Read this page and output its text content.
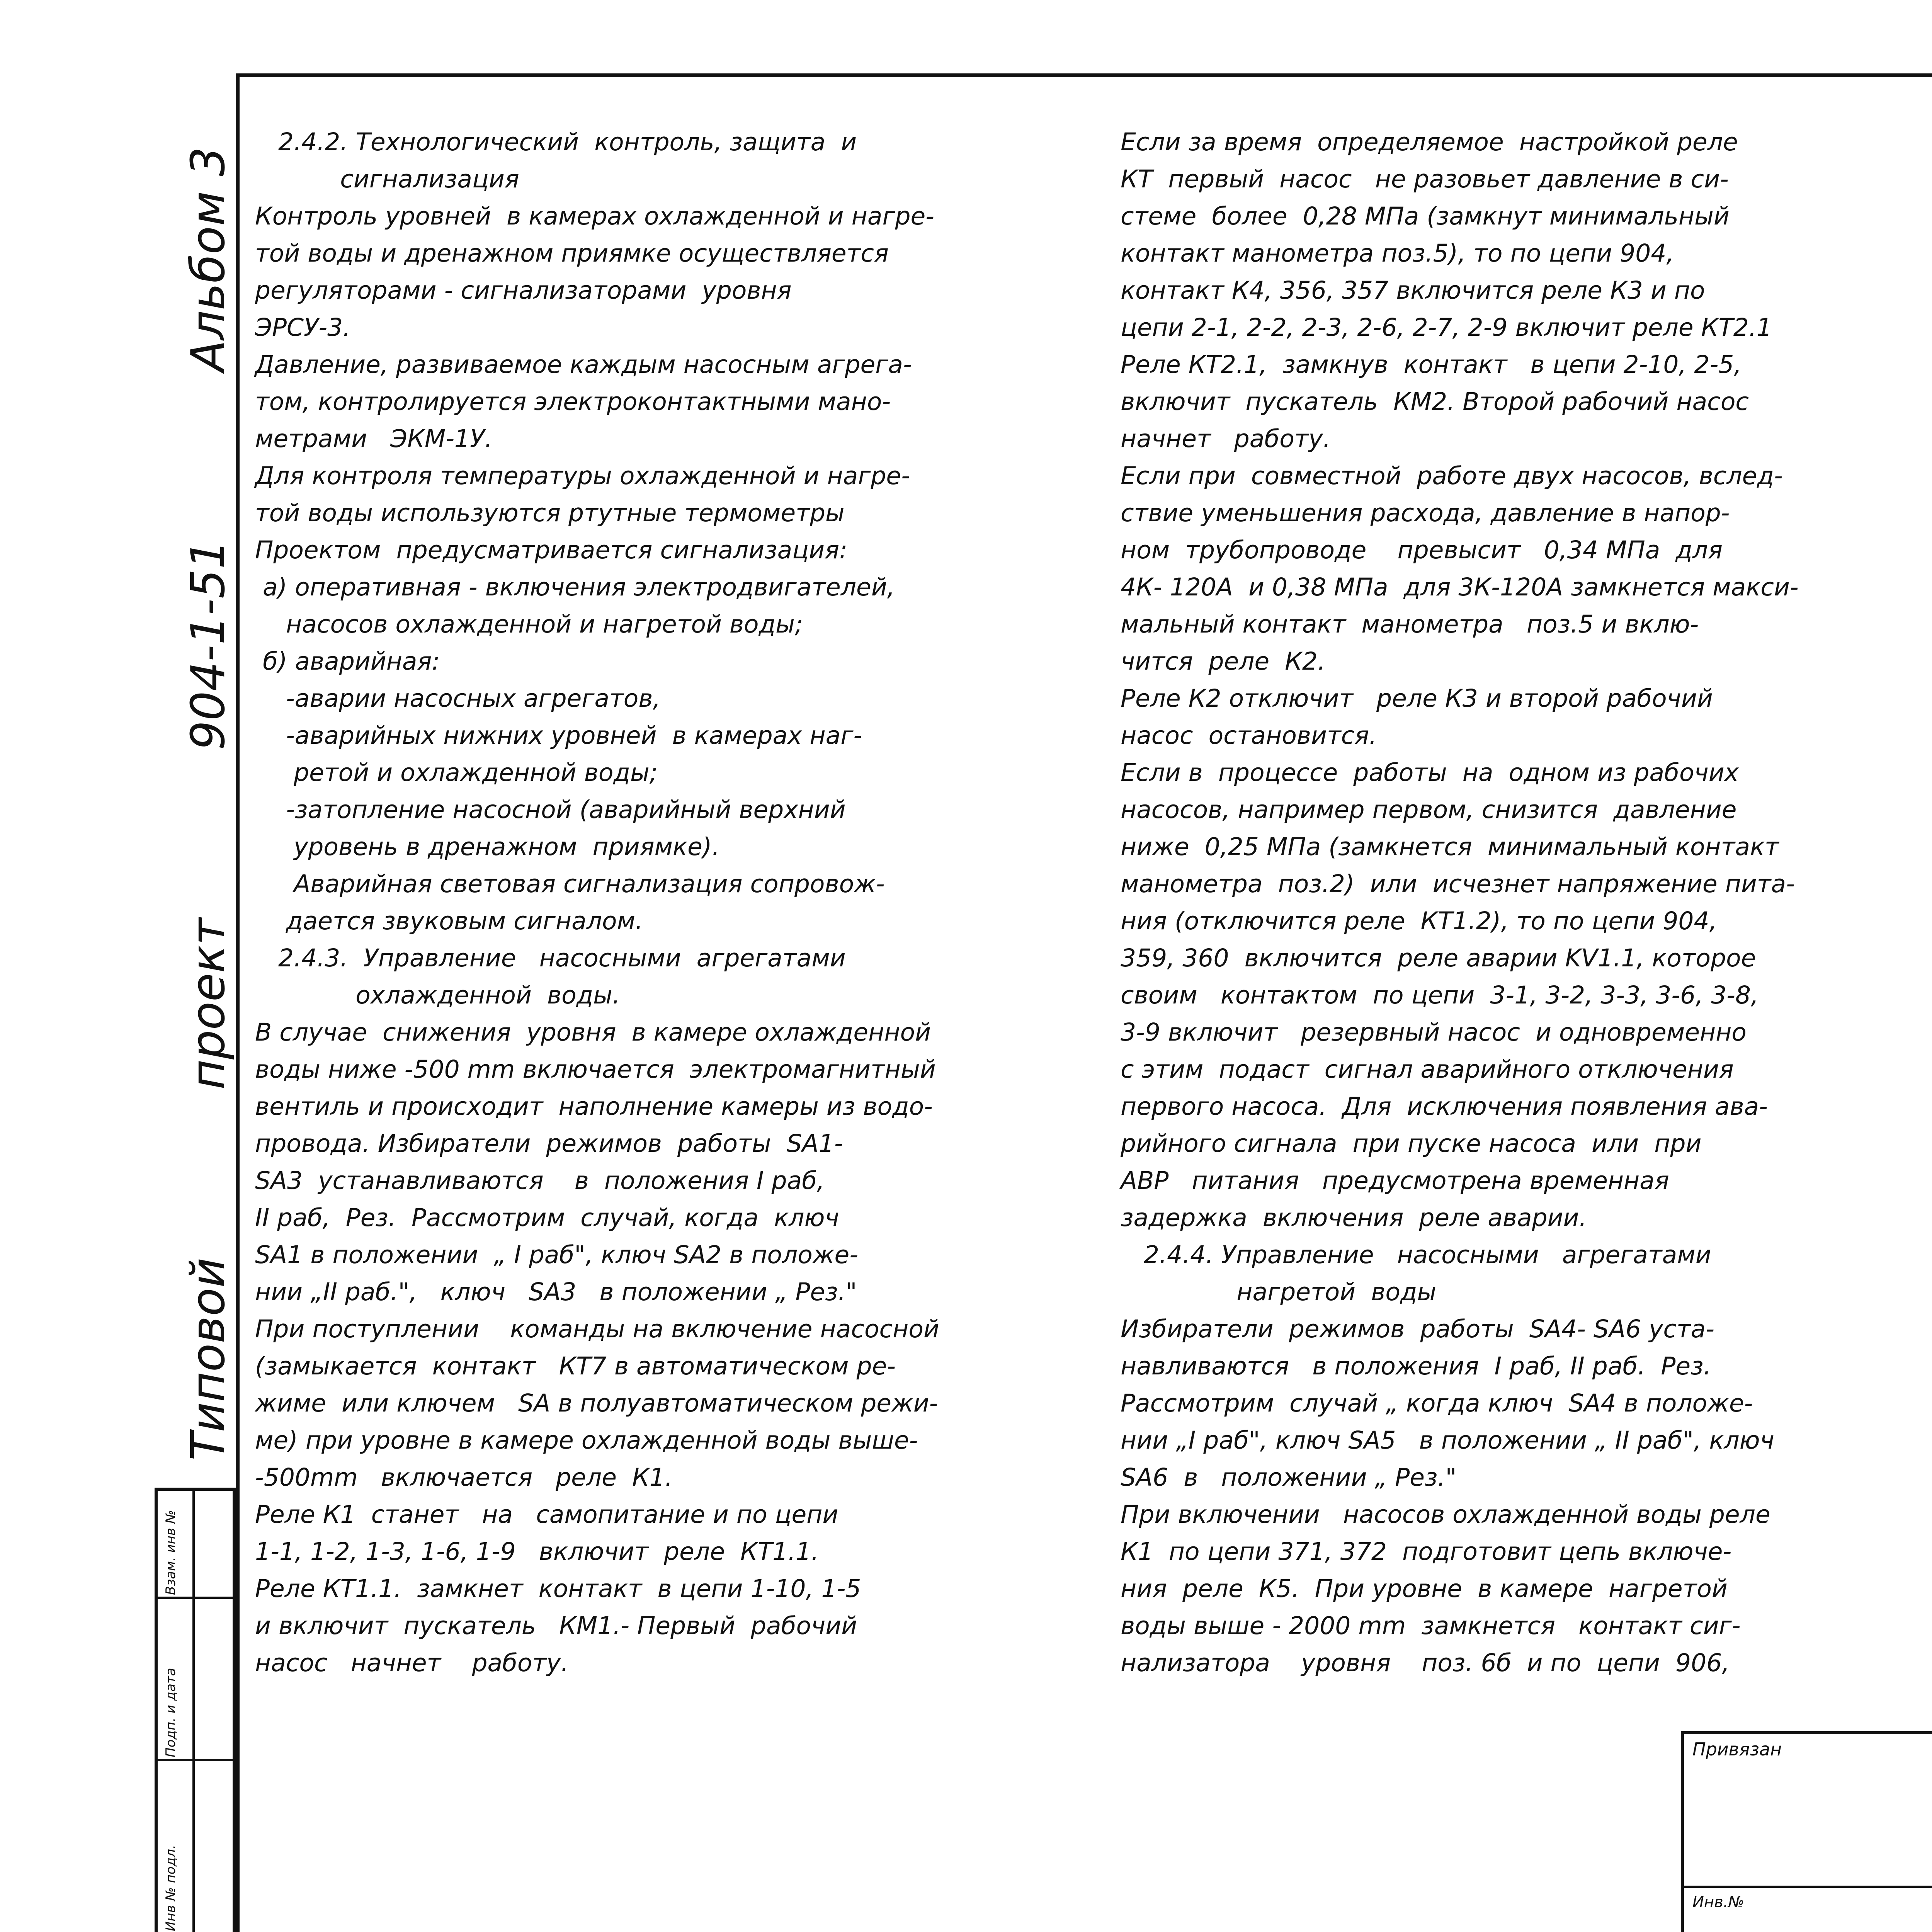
Типовой
проект
904-1-51
Альбом 3
Взам. инв №
Подп. и дата
Инв № подл.
2.4.2. Технологический  контроль, защита  и
сигнализация
Контроль уровней  в камерах охлажденной и нагре-
той воды и дренажном приямке осуществляется
регуляторами - сигнализаторами  уровня
ЭРСУ-3.
Давление, развиваемое каждым насосным агрега-
том, контролируется электроконтактными мано-
метрами   ЭКМ-1У.
Для контроля температуры охлажденной и нагре-
той воды используются ртутные термометры
Проектом  предусматривается сигнализация:
а) оперативная - включения электродвигателей,
насосов охлажденной и нагретой воды;
б) аварийная:
-аварии насосных агрегатов,
-аварийных нижних уровней  в камерах наг-
ретой и охлажденной воды;
-затопление насосной (аварийный верхний
уровень в дренажном  приямке).
Аварийная световая сигнализация сопровож-
дается звуковым сигналом.
2.4.3.  Управление   насосными  агрегатами
охлажденной  воды.
В случае  снижения  уровня  в камере охлажденной
воды ниже -500 mm включается  электромагнитный
вентиль и происходит  наполнение камеры из водо-
провода. Избиратели  режимов  работы  SA1-
SA3  устанавливаются    в  положения I раб,
II раб,  Рез.  Рассмотрим  случай, когда  ключ
SA1 в положении  „ I раб", ключ SA2 в положе-
нии „II раб.",   ключ   SA3   в положении „ Рез."
При поступлении    команды на включение насосной
(замыкается  контакт   КТ7 в автоматическом ре-
жиме  или ключем   SA в полуавтоматическом режи-
ме) при уровне в камере охлажденной воды выше-
-500mm   включается   реле  К1.
Реле К1  станет   на   самопитание и по цепи
1-1, 1-2, 1-3, 1-6, 1-9   включит  реле  КТ1.1.
Реле КТ1.1.  замкнет  контакт  в цепи 1-10, 1-5
и включит  пускатель   КМ1.- Первый  рабочий
насос   начнет    работу.
Если за время  определяемое  настройкой реле
КТ  первый  насос   не разовьет давление в си-
стеме  более  0,28 МПа (замкнут минимальный
контакт манометра поз.5), то по цепи 904,
контакт К4, 356, 357 включится реле К3 и по
цепи 2-1, 2-2, 2-3, 2-6, 2-7, 2-9 включит реле КТ2.1
Реле КТ2.1,  замкнув  контакт   в цепи 2-10, 2-5,
включит  пускатель  КМ2. Второй рабочий насос
начнет   работу.
Если при  совместной  работе двух насосов, вслед-
ствие уменьшения расхода, давление в напор-
ном  трубопроводе    превысит   0,34 МПа  для
4К- 120А  и 0,38 МПа  для 3К-120А замкнется макси-
мальный контакт  манометра   поз.5 и вклю-
чится  реле  К2.
Реле К2 отключит   реле К3 и второй рабочий
насос  остановится.
Если в  процессе  работы  на  одном из рабочих
насосов, например первом, снизится  давление
ниже  0,25 МПа (замкнется  минимальный контакт
манометра  поз.2)  или  исчезнет напряжение пита-
ния (отключится реле  КТ1.2), то по цепи 904,
359, 360  включится  реле аварии KV1.1, которое
своим   контактом  по цепи  3-1, 3-2, 3-3, 3-6, 3-8,
3-9 включит   резервный насос  и одновременно
с этим  подаст  сигнал аварийного отключения
первого насоса.  Для  исключения появления ава-
рийного сигнала  при пуске насоса  или  при
АВР   питания   предусмотрена временная
задержка  включения  реле аварии.
2.4.4. Управление   насосными   агрегатами
нагретой  воды
Избиратели  режимов  работы  SA4- SA6 уста-
навливаются   в положения  I раб, II раб.  Рез.
Рассмотрим  случай „ когда ключ  SA4 в положе-
нии „I раб", ключ SA5   в положении „ II раб", ключ
SA6  в   положении „ Рез."
При включении   насосов охлажденной воды реле
К1  по цепи 371, 372  подготовит цепь включе-
ния  реле  К5.  При уровне  в камере  нагретой
воды выше - 2000 mm  замкнется   контакт сиг-
нализатора    уровня    поз. 6б  и по  цепи  906,
Привязан
Инв.№
